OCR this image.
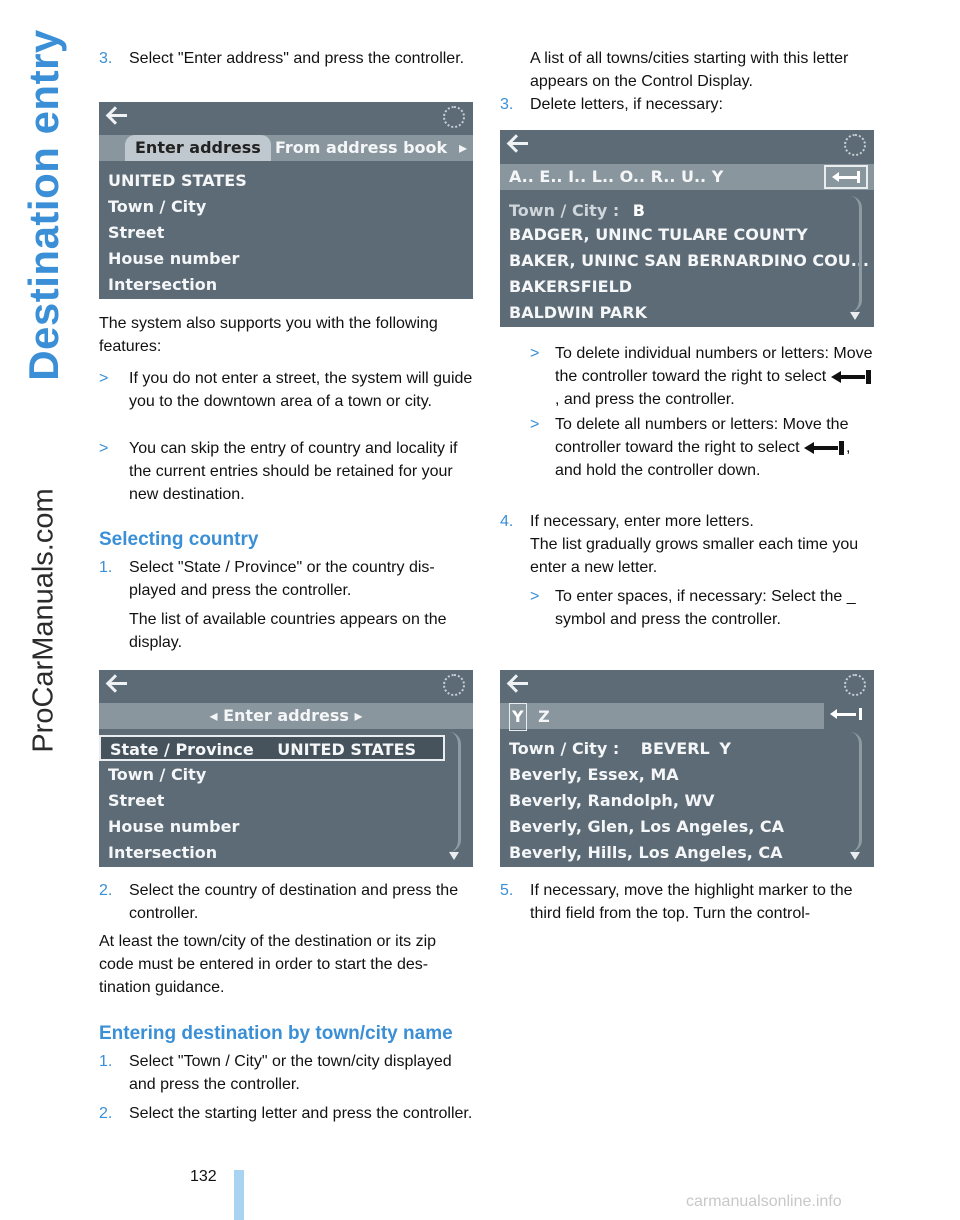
Destination entry
ProCarManuals.com
3. Select "Enter address" and press the controller.
Enter address From address book ▸
UNITED STATES
Town / City
Street
House number
Intersection
The system also supports you with the following features:
> If you do not enter a street, the system will guide you to the downtown area of a town or city.
> You can skip the entry of country and locality if the current entries should be retained for your new destination.
Selecting country
1. Select "State / Province" or the country displayed and press the controller.
The list of available countries appears on the display.
◂ Enter address ▸
State / Province UNITED STATES
Town / City
Street
House number
Intersection
2. Select the country of destination and press the controller.
At least the town/city of the destination or its zip code must be entered in order to start the destination guidance.
Entering destination by town/city name
1. Select "Town / City" or the town/city displayed and press the controller.
2. Select the starting letter and press the controller.
A list of all towns/cities starting with this letter appears on the Control Display.
3. Delete letters, if necessary:
A.. E.. I.. L.. O.. R.. U.. Y
Town / City : B
BADGER, UNINC TULARE COUNTY
BAKER, UNINC SAN BERNARDINO COU...
BAKERSFIELD
BALDWIN PARK
> To delete individual numbers or letters: Move the controller toward the right to select
, and press the controller.
> To delete all numbers or letters: Move the controller toward the right to select	, and hold the controller down.
4. If necessary, enter more letters.
The list gradually grows smaller each time you enter a new letter.
> To enter spaces, if necessary: Select the _ symbol and press the controller.
Y Z
Town / City : BEVERL Y
Beverly, Essex, MA
Beverly, Randolph, WV
Beverly, Glen, Los Angeles, CA
Beverly, Hills, Los Angeles, CA
5. If necessary, move the highlight marker to the third field from the top. Turn the control-
132
carmanualsonline.info
